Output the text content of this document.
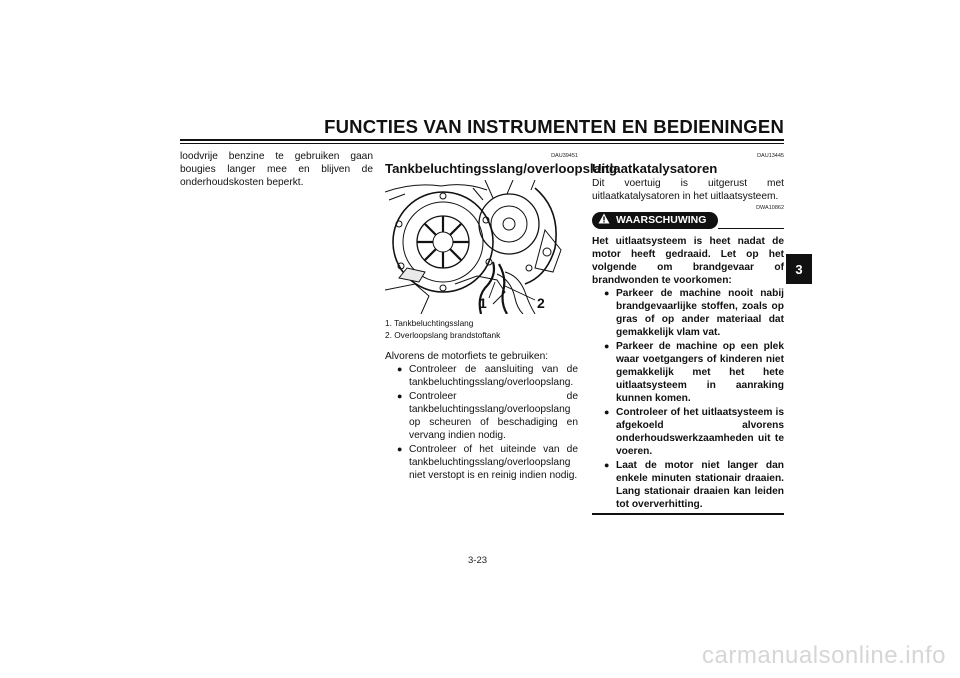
FUNCTIES VAN INSTRUMENTEN EN BEDIENINGEN
3
loodvrije benzine te gebruiken gaan bougies langer mee en blijven de onderhoudskosten beperkt.
DAU39451
Tankbeluchtingsslang/overloopslang
1	2
1. Tankbeluchtingsslang
2. Overloopslang brandstoftank
Alvorens de motorfiets te gebruiken:
● Controleer de aansluiting van de tankbeluchtingsslang/overloopslang.
● Controleer de tankbeluchtingsslang/overloopslang op scheuren of beschadiging en vervang indien nodig.
● Controleer of het uiteinde van de tankbeluchtingsslang/overloopslang niet verstopt is en reinig indien nodig.
DAU13445
Uitlaatkatalysatoren
Dit voertuig is uitgerust met uitlaatkatalysatoren in het uitlaatsysteem.
DWA10862
WAARSCHUWING
Het uitlaatsysteem is heet nadat de motor heeft gedraaid. Let op het volgende om brandgevaar of brandwonden te voorkomen:
● Parkeer de machine nooit nabij brandgevaarlijke stoffen, zoals op gras of op ander materiaal dat gemakkelijk vlam vat.
● Parkeer de machine op een plek waar voetgangers of kinderen niet gemakkelijk met het hete uitlaatsysteem in aanraking kunnen komen.
● Controleer of het uitlaatsysteem is afgekoeld alvorens onderhoudswerkzaamheden uit te voeren.
● Laat de motor niet langer dan enkele minuten stationair draaien. Lang stationair draaien kan leiden tot oververhitting.
3-23
carmanualsonline.info
